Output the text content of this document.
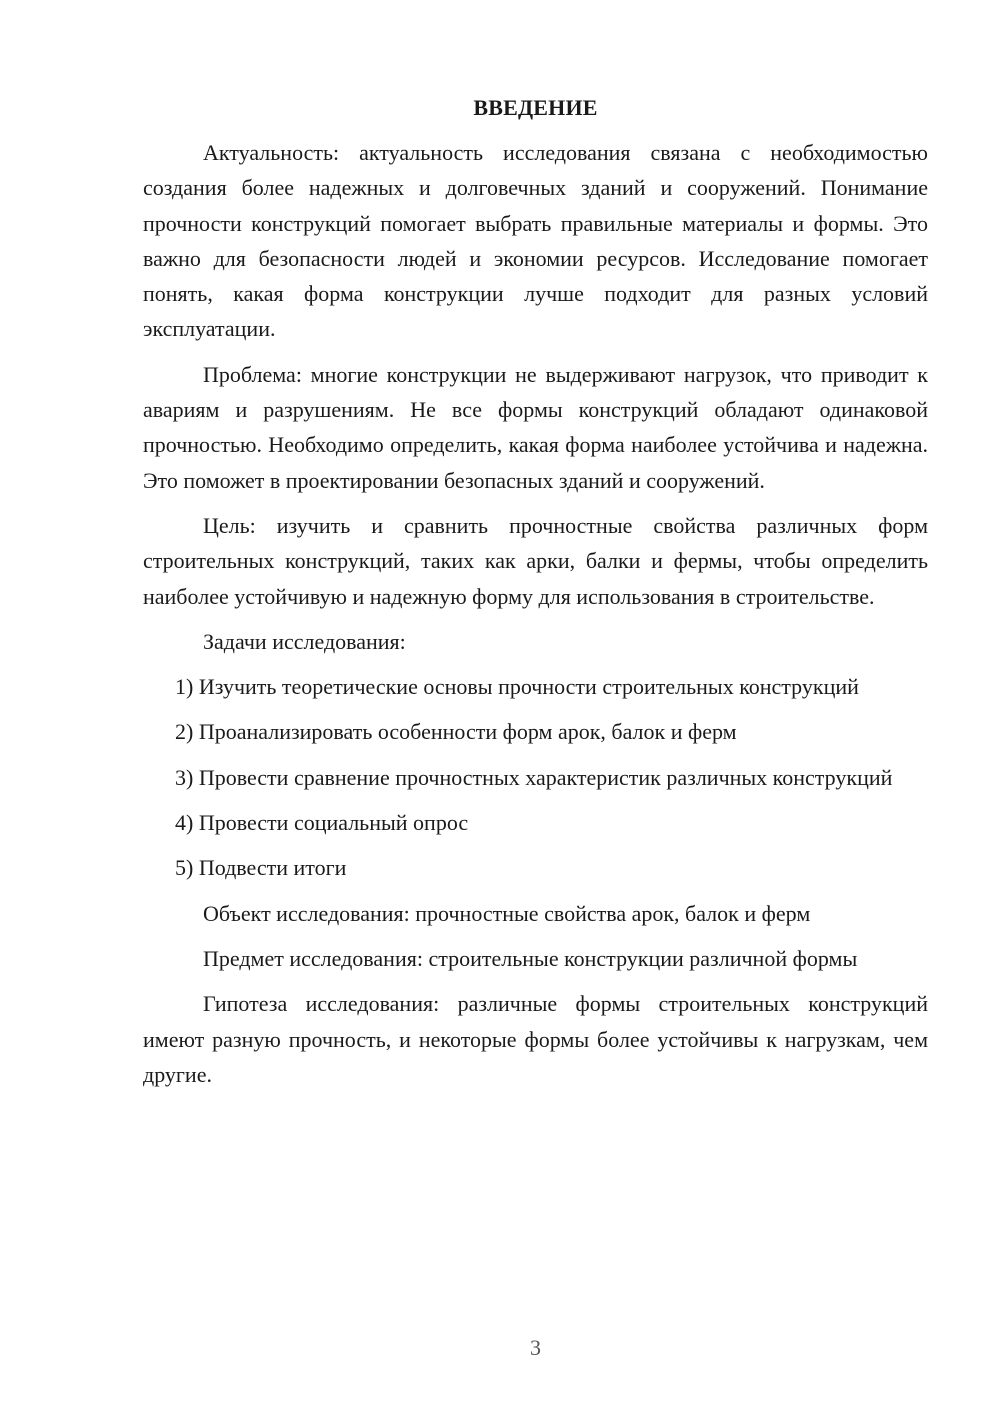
ВВЕДЕНИЕ

Актуальность: актуальность исследования связана с необходимостью создания более надежных и долговечных зданий и сооружений. Понимание прочности конструкций помогает выбрать правильные материалы и формы. Это важно для безопасности людей и экономии ресурсов. Исследование помогает понять, какая форма конструкции лучше подходит для разных условий эксплуатации.

Проблема: многие конструкции не выдерживают нагрузок, что приводит к авариям и разрушениям. Не все формы конструкций обладают одинаковой прочностью. Необходимо определить, какая форма наиболее устойчива и надежна. Это поможет в проектировании безопасных зданий и сооружений.

Цель: изучить и сравнить прочностные свойства различных форм строительных конструкций, таких как арки, балки и фермы, чтобы определить наиболее устойчивую и надежную форму для использования в строительстве.

Задачи исследования:

1) Изучить теоретические основы прочности строительных конструкций

2) Проанализировать особенности форм арок, балок и ферм

3) Провести сравнение прочностных характеристик различных конструкций

4) Провести социальный опрос

5) Подвести итоги

Объект исследования: прочностные свойства арок, балок и ферм

Предмет исследования: строительные конструкции различной формы

Гипотеза исследования: различные формы строительных конструкций имеют разную прочность, и некоторые формы более устойчивы к нагрузкам, чем другие.

3
